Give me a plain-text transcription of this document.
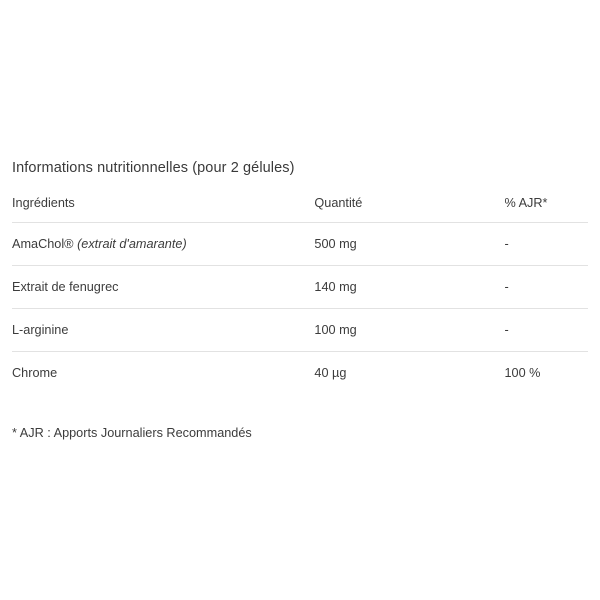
Informations nutritionnelles (pour 2 gélules)
Ingrédients	Quantité	% AJR*
AmaChol® (extrait d'amarante)	500 mg	-
Extrait de fenugrec	140 mg	-
L-arginine	100 mg	-
Chrome	40 µg	100 %

* AJR : Apports Journaliers Recommandés
